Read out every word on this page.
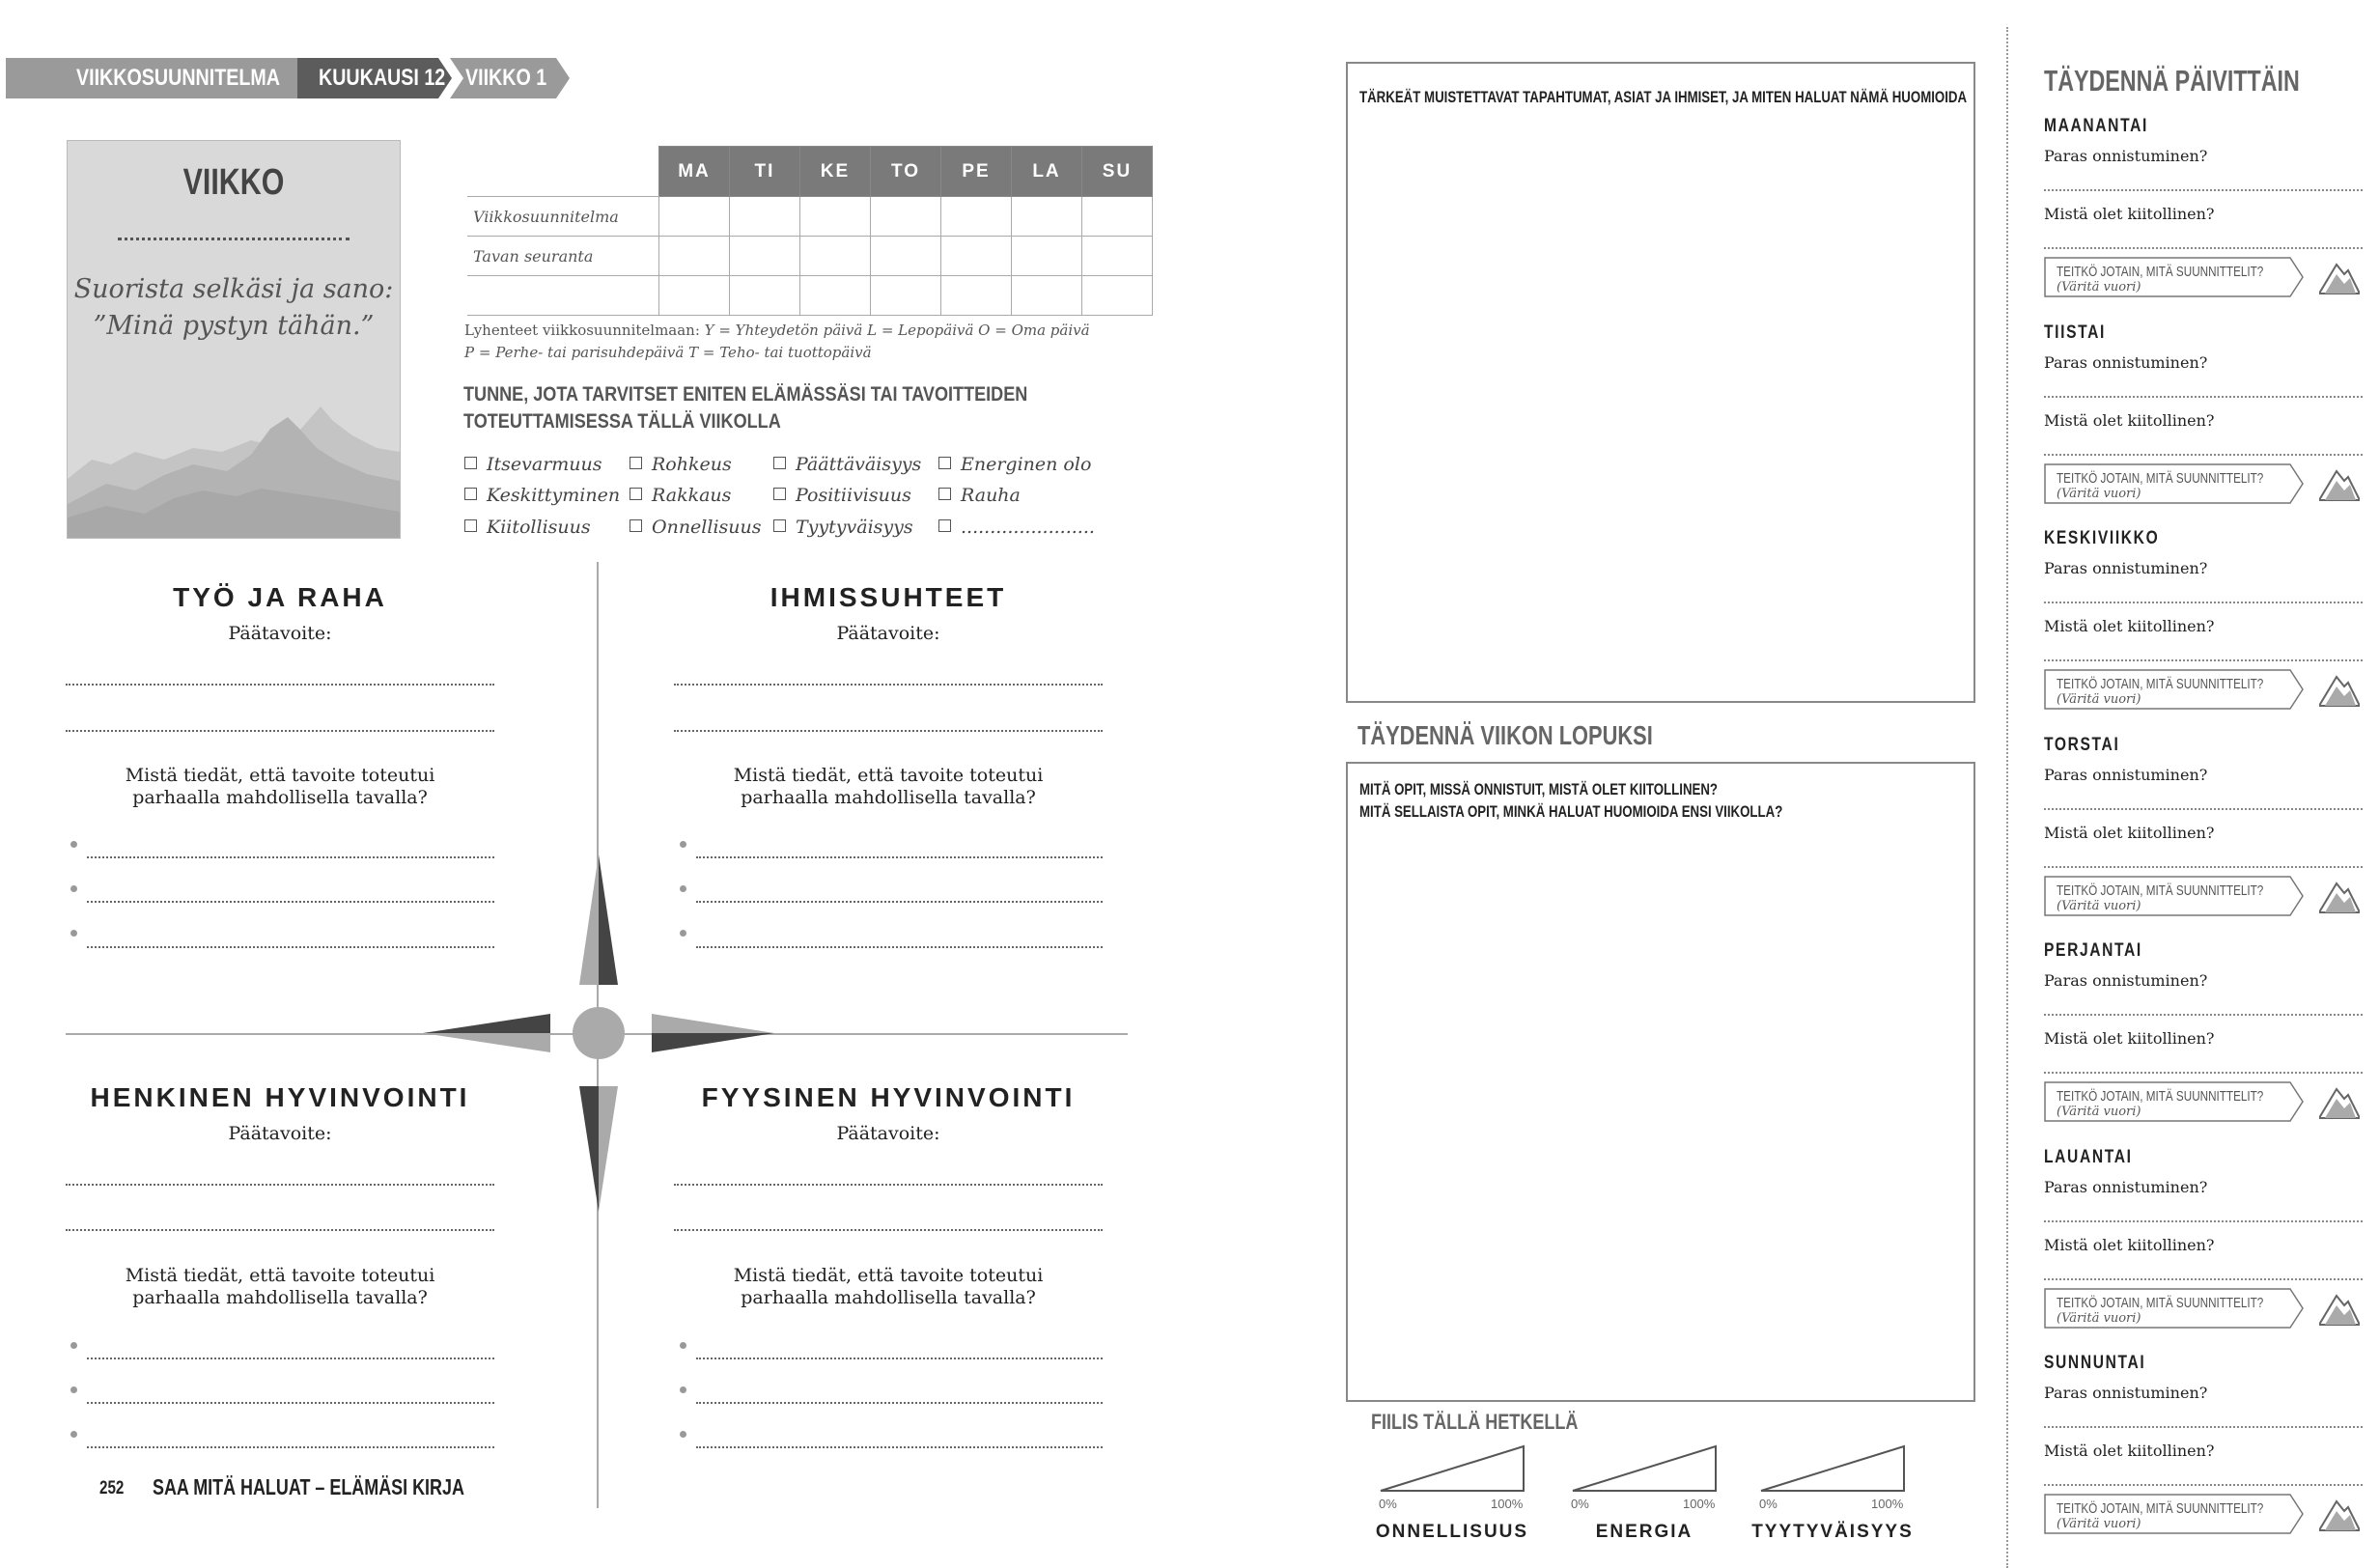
VIIKKOSUUNNITELMA	KUUKAUSI 12 VIIKKO 1
VIIKKO
Suorista selkäsi ja sano:
”Minä pystyn tähän.”
	MA	TI	KE	TO	PE	LA	SU
Viikkosuunnitelma							
Tavan seuranta							

Lyhenteet viikkosuunnitelmaan: Y = Yhteydetön päivä L = Lepopäivä O = Oma päivä
P = Perhe- tai parisuhdepäivä T = Teho- tai tuottopäivä
TUNNE, JOTA TARVITSET ENITEN ELÄMÄSSÄSI TAI TAVOITTEIDEN
TOTEUTTAMISESSA TÄLLÄ VIIKOLLA
Itsevarmuus	Rohkeus	Päättäväisyys	Energinen olo
Keskittyminen	Rakkaus	Positiivisuus	Rauha
Kiitollisuus	Onnellisuus	Tyytyväisyys	.......................
TYÖ JA RAHA
Päätavoite:
Mistä tiedät, että tavoite toteutui
parhaalla mahdollisella tavalla?
IHMISSUHTEET
Päätavoite:
Mistä tiedät, että tavoite toteutui
parhaalla mahdollisella tavalla?
HENKINEN HYVINVOINTI
Päätavoite:
Mistä tiedät, että tavoite toteutui
parhaalla mahdollisella tavalla?
FYYSINEN HYVINVOINTI
Päätavoite:
Mistä tiedät, että tavoite toteutui
parhaalla mahdollisella tavalla?
252 SAA MITÄ HALUAT – ELÄMÄSI KIRJA
TÄRKEÄT MUISTETTAVAT TAPAHTUMAT, ASIAT JA IHMISET, JA MITEN HALUAT NÄMÄ HUOMIOIDA
TÄYDENNÄ VIIKON LOPUKSI
MITÄ OPIT, MISSÄ ONNISTUIT, MISTÄ OLET KIITOLLINEN?
MITÄ SELLAISTA OPIT, MINKÄ HALUAT HUOMIOIDA ENSI VIIKOLLA?
FIILIS TÄLLÄ HETKELLÄ
0%	100%
ONNELLISUUS
0%	100%
ENERGIA
0%	100%
TYYTYVÄISYYS
TÄYDENNÄ PÄIVITTÄIN
MAANANTAI
Paras onnistuminen?
Mistä olet kiitollinen?
TEITKÖ JOTAIN, MITÄ SUUNNITTELIT?
(Väritä vuori)
TIISTAI
Paras onnistuminen?
Mistä olet kiitollinen?
TEITKÖ JOTAIN, MITÄ SUUNNITTELIT?
(Väritä vuori)
KESKIVIIKKO
Paras onnistuminen?
Mistä olet kiitollinen?
TEITKÖ JOTAIN, MITÄ SUUNNITTELIT?
(Väritä vuori)
TORSTAI
Paras onnistuminen?
Mistä olet kiitollinen?
TEITKÖ JOTAIN, MITÄ SUUNNITTELIT?
(Väritä vuori)
PERJANTAI
Paras onnistuminen?
Mistä olet kiitollinen?
TEITKÖ JOTAIN, MITÄ SUUNNITTELIT?
(Väritä vuori)
LAUANTAI
Paras onnistuminen?
Mistä olet kiitollinen?
TEITKÖ JOTAIN, MITÄ SUUNNITTELIT?
(Väritä vuori)
SUNNUNTAI
Paras onnistuminen?
Mistä olet kiitollinen?
TEITKÖ JOTAIN, MITÄ SUUNNITTELIT?
(Väritä vuori)
